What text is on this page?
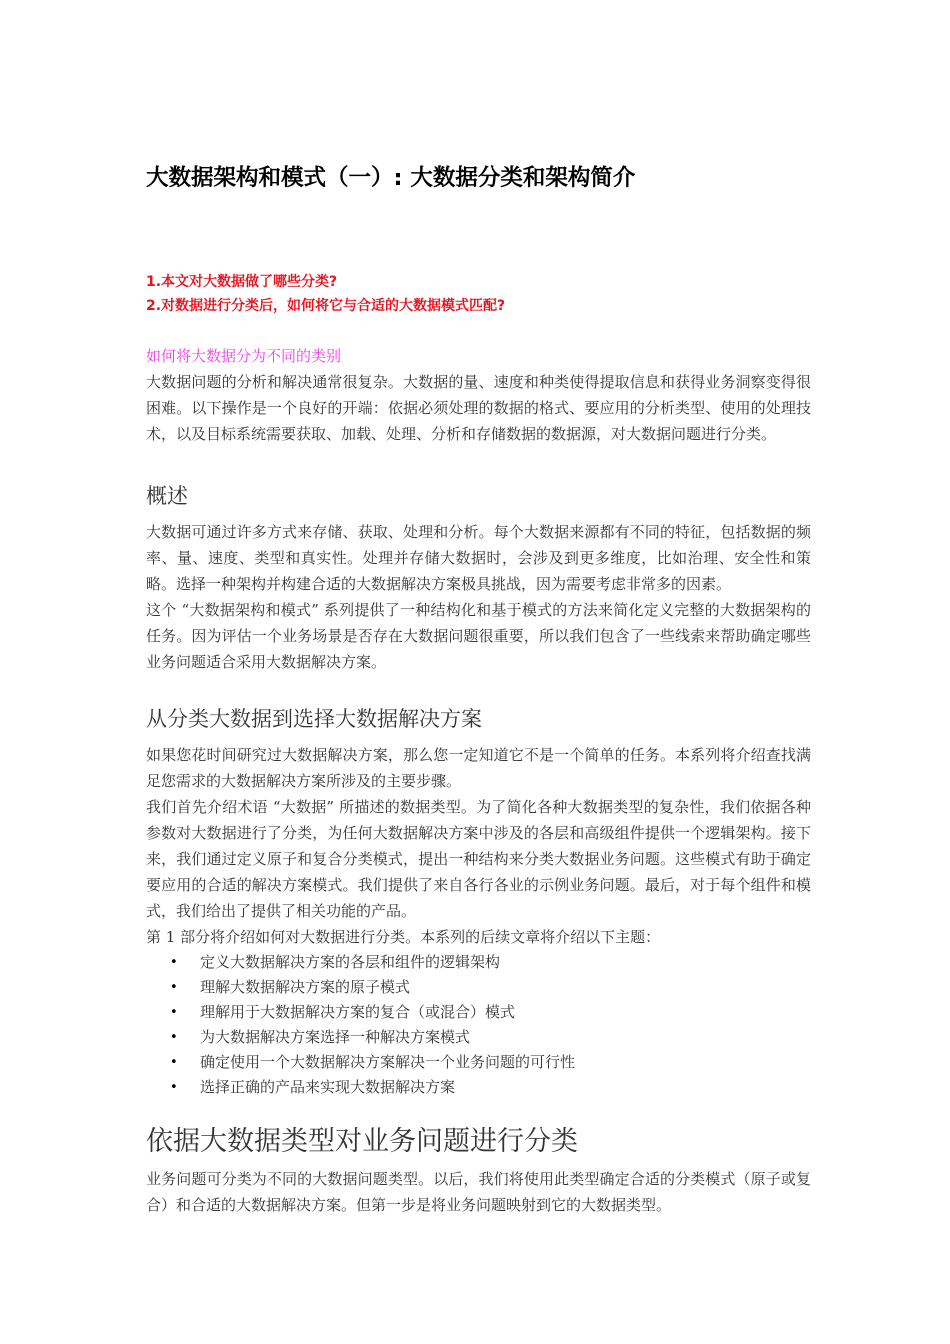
大数据架构和模式（一）: 大数据分类和架构简介
1.本文对大数据做了哪些分类?
2.对数据进行分类后，如何将它与合适的大数据模式匹配?
如何将大数据分为不同的类别

大数据问题的分析和解决通常很复杂。大数据的量、速度和种类使得提取信息和获得业务洞察变得很困难。以下操作是一个良好的开端：依据必须处理的数据的格式、要应用的分析类型、使用的处理技术，以及目标系统需要获取、加载、处理、分析和存储数据的数据源，对大数据问题进行分类。

概述

大数据可通过许多方式来存储、获取、处理和分析。每个大数据来源都有不同的特征，包括数据的频率、量、速度、类型和真实性。处理并存储大数据时，会涉及到更多维度，比如治理、安全性和策略。选择一种架构并构建合适的大数据解决方案极具挑战，因为需要考虑非常多的因素。

这个 “大数据架构和模式” 系列提供了一种结构化和基于模式的方法来简化定义完整的大数据架构的任务。因为评估一个业务场景是否存在大数据问题很重要，所以我们包含了一些线索来帮助确定哪些业务问题适合采用大数据解决方案。

从分类大数据到选择大数据解决方案

如果您花时间研究过大数据解决方案，那么您一定知道它不是一个简单的任务。本系列将介绍查找满足您需求的大数据解决方案所涉及的主要步骤。

我们首先介绍术语 “大数据” 所描述的数据类型。为了简化各种大数据类型的复杂性，我们依据各种参数对大数据进行了分类，为任何大数据解决方案中涉及的各层和高级组件提供一个逻辑架构。接下来，我们通过定义原子和复合分类模式，提出一种结构来分类大数据业务问题。这些模式有助于确定要应用的合适的解决方案模式。我们提供了来自各行各业的示例业务问题。最后，对于每个组件和模式，我们给出了提供了相关功能的产品。

第 1 部分将介绍如何对大数据进行分类。本系列的后续文章将介绍以下主题：

• 定义大数据解决方案的各层和组件的逻辑架构
• 理解大数据解决方案的原子模式
• 理解用于大数据解决方案的复合（或混合）模式
• 为大数据解决方案选择一种解决方案模式
• 确定使用一个大数据解决方案解决一个业务问题的可行性
• 选择正确的产品来实现大数据解决方案
依据大数据类型对业务问题进行分类

业务问题可分类为不同的大数据问题类型。以后，我们将使用此类型确定合适的分类模式（原子或复合）和合适的大数据解决方案。但第一步是将业务问题映射到它的大数据类型。
